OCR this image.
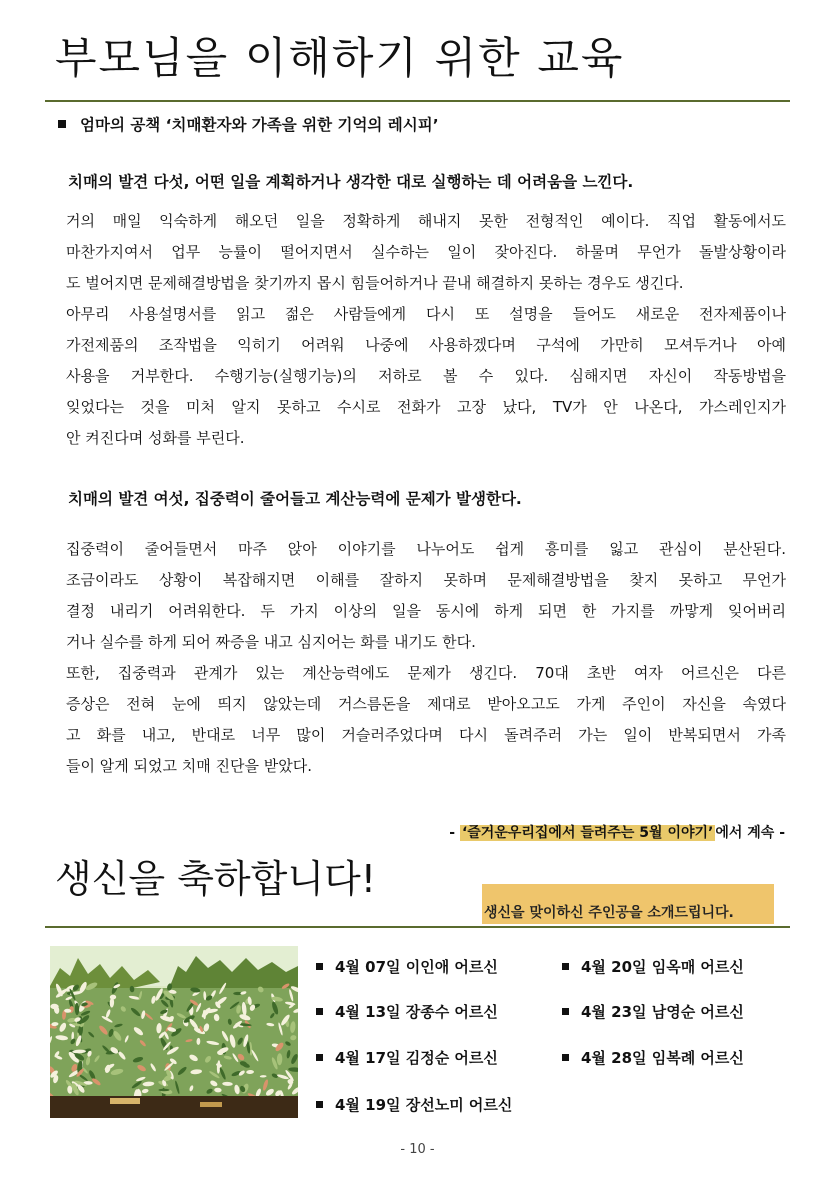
부모님을 이해하기 위한 교육
엄마의 공책 ‘치매환자와 가족을 위한 기억의 레시피’
치매의 발견 다섯, 어떤 일을 계획하거나 생각한 대로 실행하는 데 어려움을 느낀다.
거의 매일 익숙하게 해오던 일을 정확하게 해내지 못한 전형적인 예이다. 직업 활동에서도
마찬가지여서 업무 능률이 떨어지면서 실수하는 일이 잦아진다. 하물며 무언가 돌발상황이라
도 벌어지면 문제해결방법을 찾기까지 몹시 힘들어하거나 끝내 해결하지 못하는 경우도 생긴다.
아무리 사용설명서를 읽고 젊은 사람들에게 다시 또 설명을 들어도 새로운 전자제품이나
가전제품의 조작법을 익히기 어려워 나중에 사용하겠다며 구석에 가만히 모셔두거나 아예
사용을 거부한다. 수행기능(실행기능)의 저하로 볼 수 있다. 심해지면 자신이 작동방법을
잊었다는 것을 미처 알지 못하고 수시로 전화가 고장 났다, TV가 안 나온다, 가스레인지가
안 켜진다며 성화를 부린다.
치매의 발견 여섯, 집중력이 줄어들고 계산능력에 문제가 발생한다.
집중력이 줄어들면서 마주 앉아 이야기를 나누어도 쉽게 흥미를 잃고 관심이 분산된다.
조금이라도 상황이 복잡해지면 이해를 잘하지 못하며 문제해결방법을 찾지 못하고 무언가
결정 내리기 어려워한다. 두 가지 이상의 일을 동시에 하게 되면 한 가지를 까맣게 잊어버리
거나 실수를 하게 되어 짜증을 내고 심지어는 화를 내기도 한다.
또한, 집중력과 관계가 있는 계산능력에도 문제가 생긴다. 70대 초반 여자 어르신은 다른
증상은 전혀 눈에 띄지 않았는데 거스름돈을 제대로 받아오고도 가게 주인이 자신을 속였다
고 화를 내고, 반대로 너무 많이 거슬러주었다며 다시 돌려주러 가는 일이 반복되면서 가족
들이 알게 되었고 치매 진단을 받았다.
- ‘즐거운우리집에서 들려주는 5월 이야기’ 에서 계속 -
생신을 축하합니다!
생신을 맞이하신 주인공을 소개드립니다.
4월 07일 이인애 어르신
4월 13일 장종수 어르신
4월 17일 김정순 어르신
4월 19일 장선노미 어르신
4월 20일 임옥매 어르신
4월 23일 남영순 어르신
4월 28일 임복례 어르신
- 10 -
